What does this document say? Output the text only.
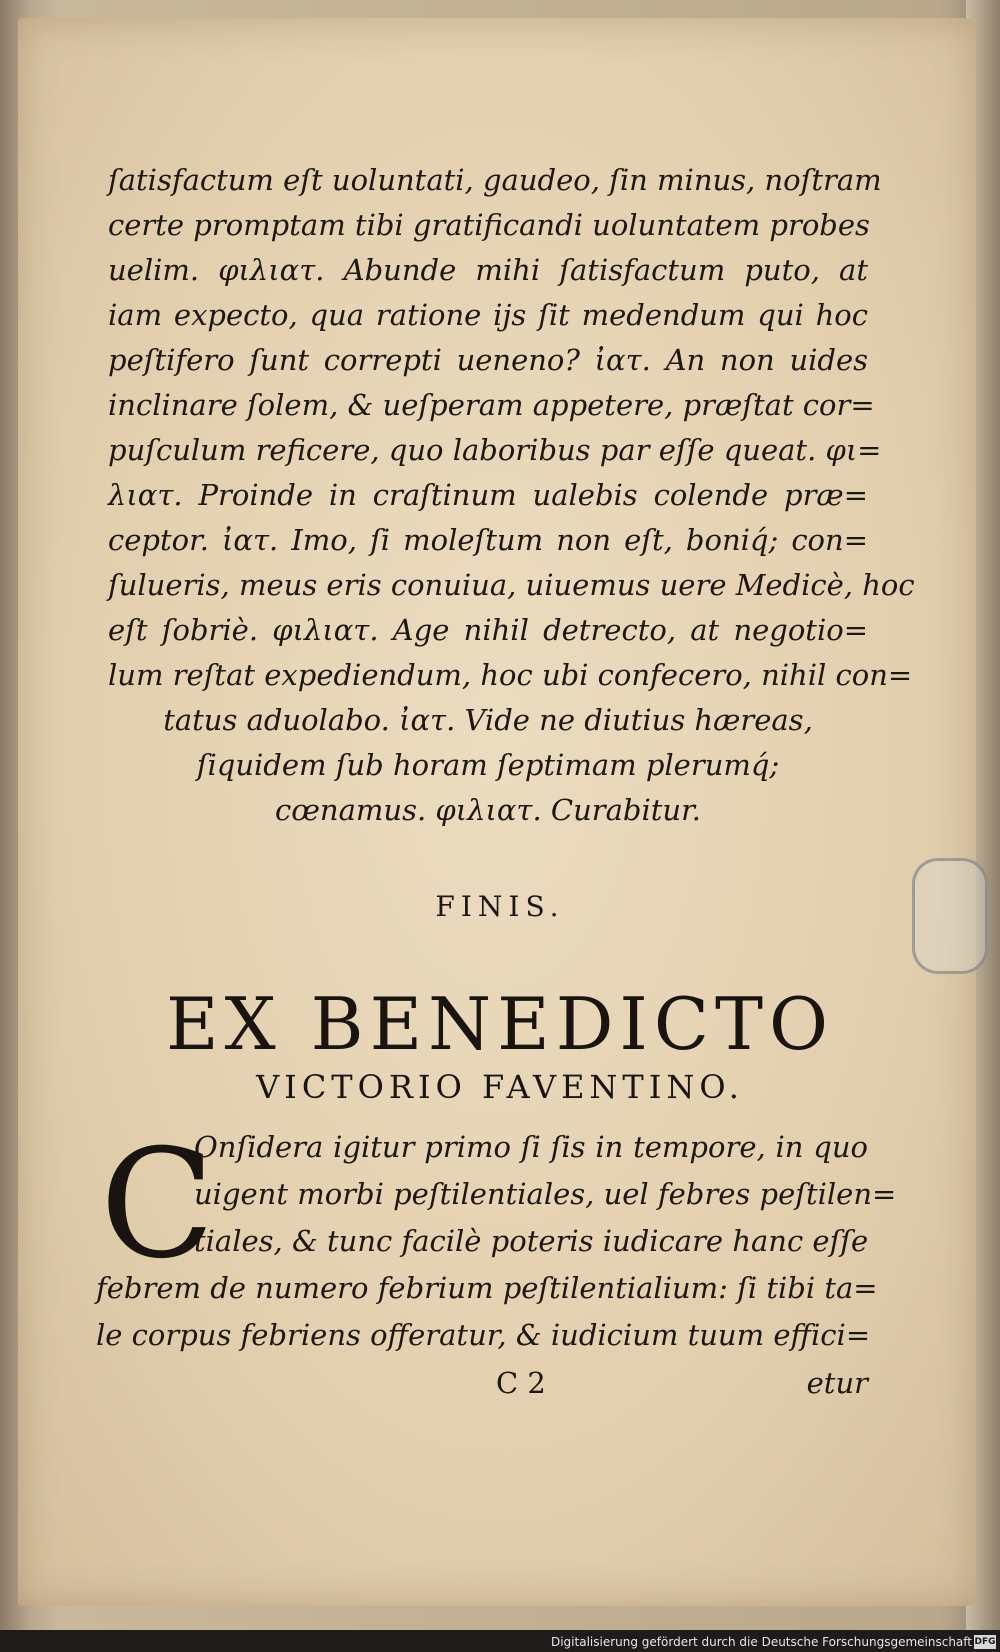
ſatisfactum eſt uoluntati, gaudeo, ſin minus, noſtram
certe promptam tibi gratificandi uoluntatem probes
uelim. φιλιατ. Abunde mihi ſatisfactum puto, at
iam expecto, qua ratione ijs ſit medendum qui hoc
peſtifero ſunt correpti ueneno? ἰατ. An non uides
inclinare ſolem, & ueſperam appetere, præſtat cor=
puſculum reficere, quo laboribus par eſſe queat. φι=
λιατ. Proinde in craſtinum ualebis colende præ=
ceptor. ἰατ. Imo, ſi moleſtum non eſt, boniq́; con=
ſulueris, meus eris conuiua, uiuemus uere Medicè, hoc
eſt ſobriè. φιλιατ. Age nihil detrecto, at negotio=
lum reſtat expediendum, hoc ubi confecero, nihil con=
tatus aduolabo. ἰατ. Vide ne diutius hæreas,
ſiquidem ſub horam ſeptimam plerumq́;
cœnamus. φιλιατ. Curabitur.
FINIS.
EX BENEDICTO
VICTORIO FAVENTINO.
C
Onſidera igitur primo ſi ſis in tempore, in quo
uigent morbi peſtilentiales, uel febres peſtilen=
tiales, & tunc facilè poteris iudicare hanc eſſe
febrem de numero febrium peſtilentialium: ſi tibi ta=
le corpus febriens offeratur, & iudicium tuum effici=
C 2	etur
Digitalisierung gefördert durch die Deutsche Forschungsgemeinschaft DFG
